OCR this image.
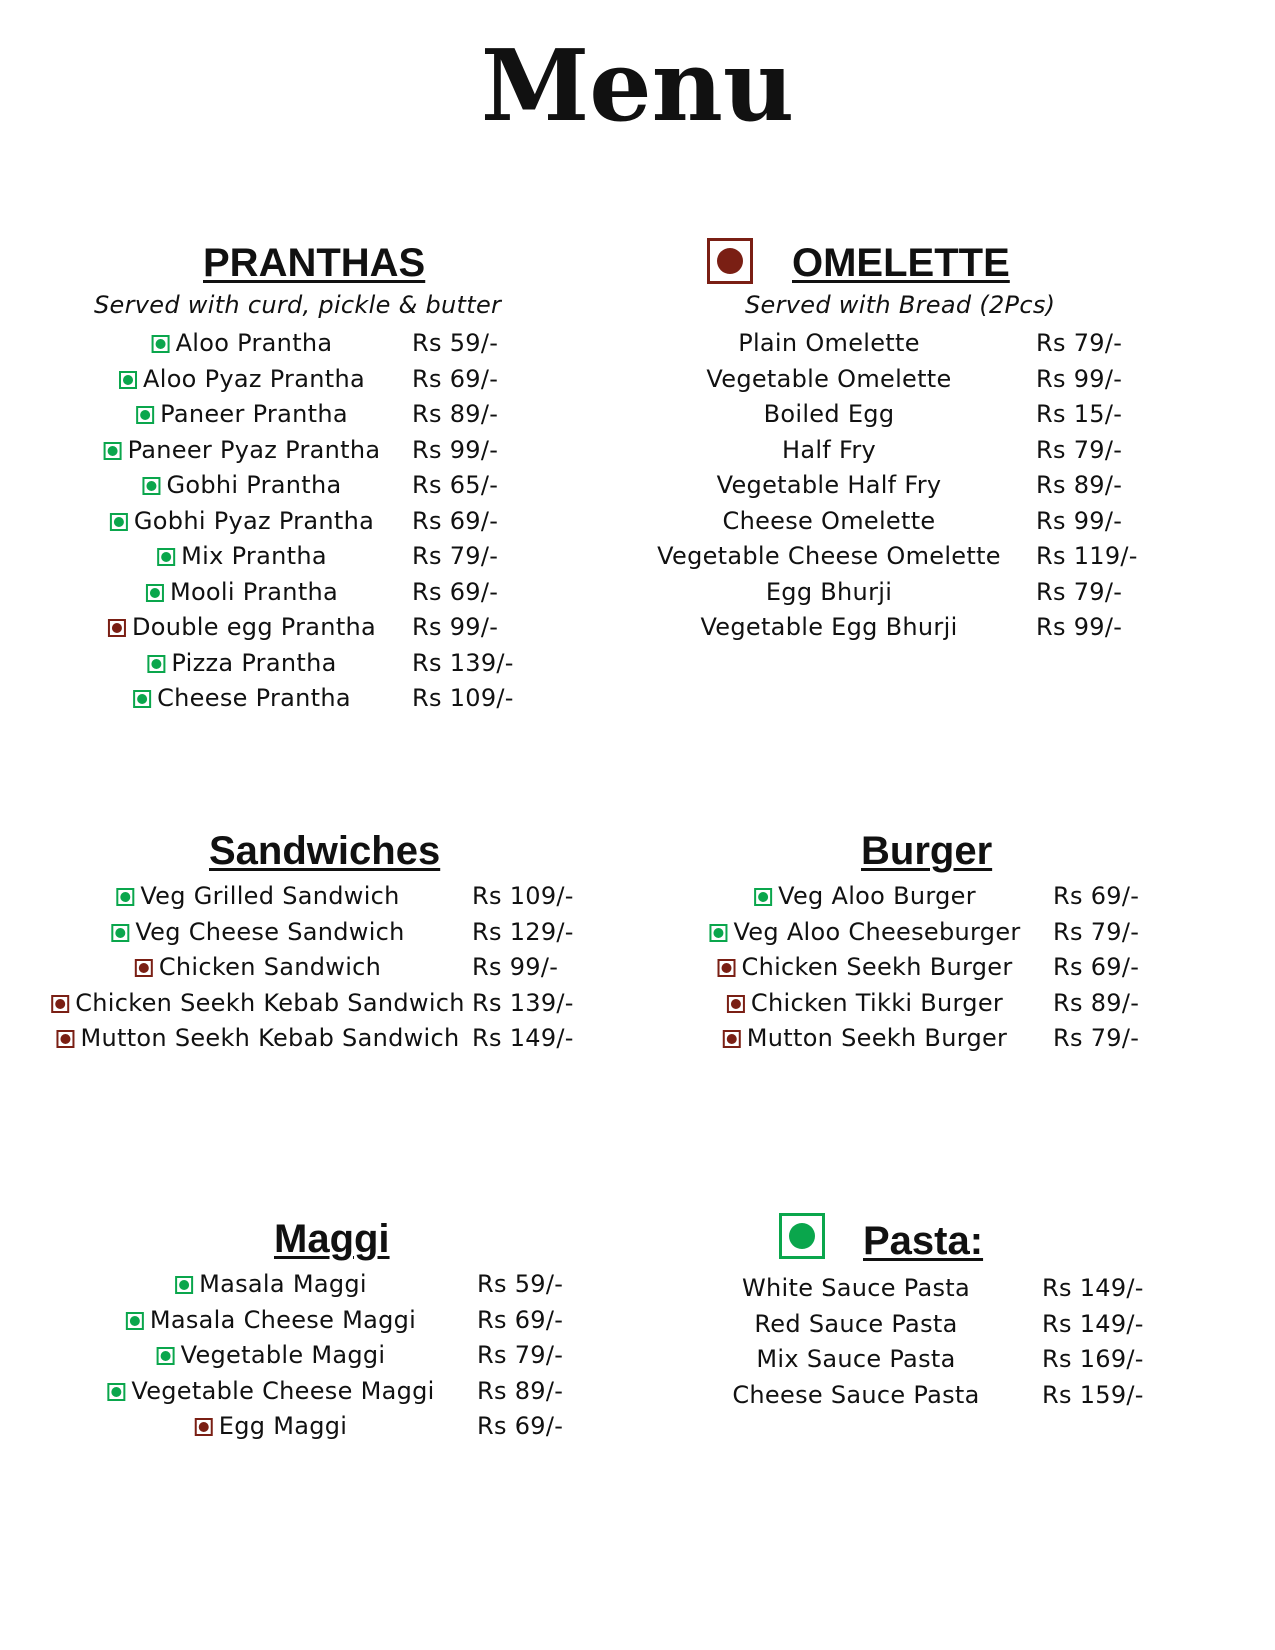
Menu
PRANTHAS
Served with curd, pickle & butter
Aloo Prantha	Rs 59/-
Aloo Pyaz Prantha Rs 69/-
Paneer Prantha	Rs 89/-
Paneer Pyaz Prantha Rs 99/-
Gobhi Prantha	Rs 65/-
Gobhi Pyaz Prantha Rs 69/-
Mix Prantha	Rs 79/-
Mooli Prantha	Rs 69/-
Double egg Prantha Rs 99/-
Pizza Prantha	Rs 139/-
Cheese Prantha	Rs 109/-
OMELETTE
Served with Bread (2Pcs)
Plain Omelette	Rs 79/-
Vegetable Omelette	Rs 99/-
Boiled Egg	Rs 15/-
Half Fry	Rs 79/-
Vegetable Half Fry	Rs 89/-
Cheese Omelette	Rs 99/-
Vegetable Cheese Omelette Rs 119/-
Egg Bhurji	Rs 79/-
Vegetable Egg Bhurji	Rs 99/-
Sandwiches
Veg Grilled Sandwich	Rs 109/-
Veg Cheese Sandwich	Rs 129/-
Chicken Sandwich	Rs 99/-
Chicken Seekh Kebab Sandwich Rs 139/-
Mutton Seekh Kebab Sandwich Rs 149/-
Burger
Veg Aloo Burger	Rs 69/-
Veg Aloo Cheeseburger Rs 79/-
Chicken Seekh Burger Rs 69/-
Chicken Tikki Burger Rs 89/-
Mutton Seekh Burger Rs 79/-
Maggi
Masala Maggi	Rs 59/-
Masala Cheese Maggi	Rs 69/-
Vegetable Maggi	Rs 79/-
Vegetable Cheese Maggi Rs 89/-
Egg Maggi	Rs 69/-
Pasta:
White Sauce Pasta	Rs 149/-
Red Sauce Pasta	Rs 149/-
Mix Sauce Pasta	Rs 169/-
Cheese Sauce Pasta	Rs 159/-
